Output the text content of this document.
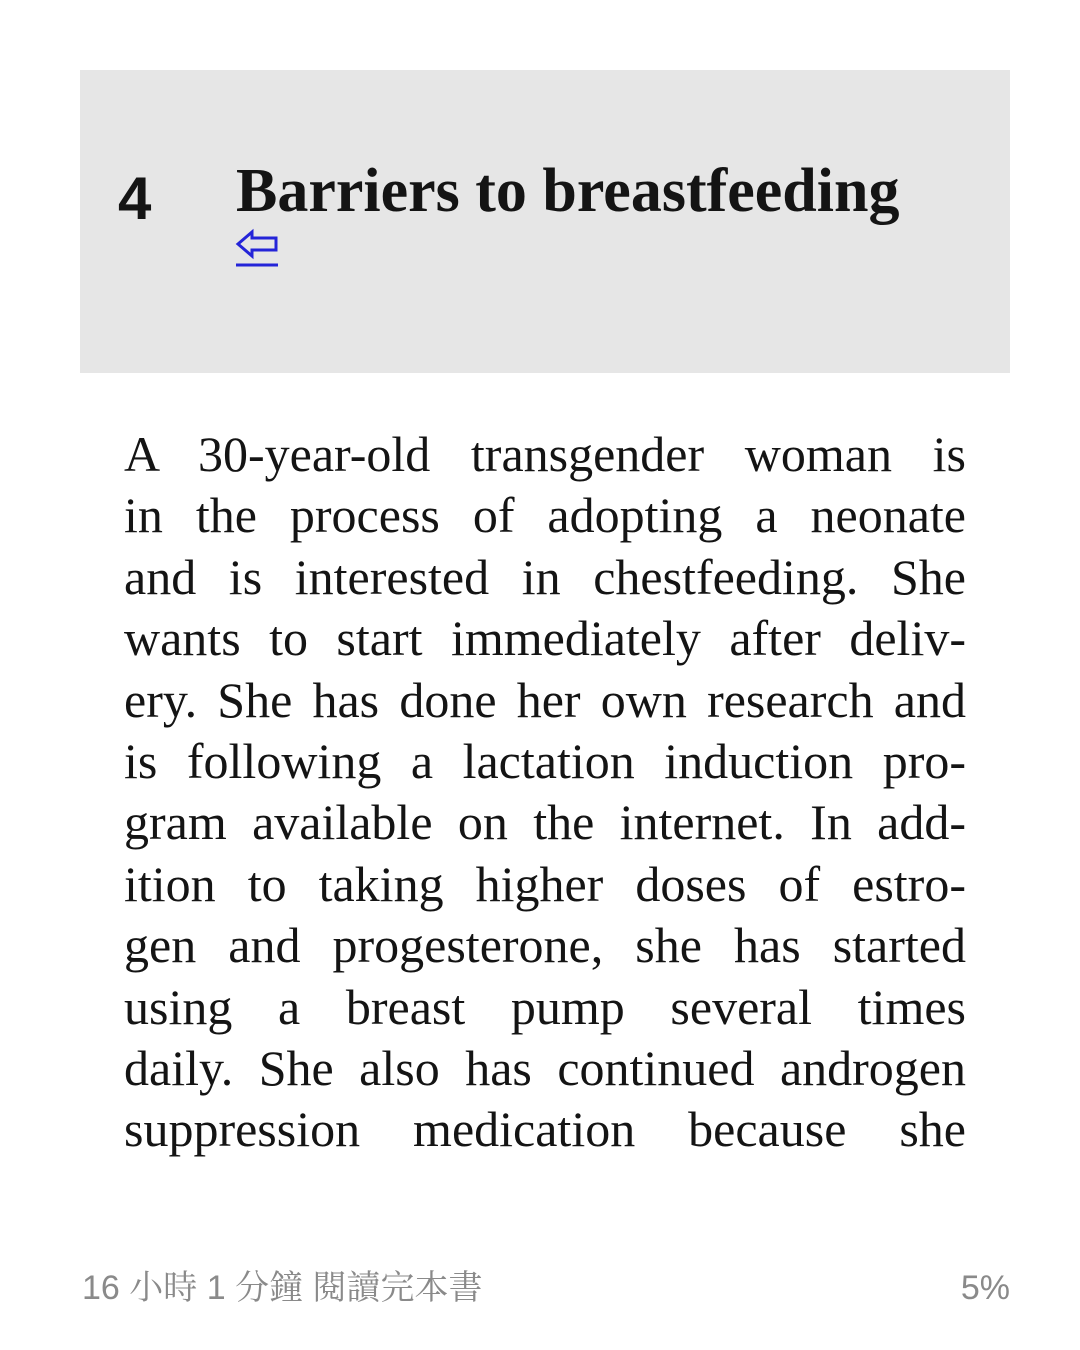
4 Barriers to breastfeeding
A 30-year-old transgender woman is
in the process of adopting a neonate
and is interested in chestfeeding. She
wants to start immediately after deliv-
ery. She has done her own research and
is following a lactation induction pro-
gram available on the internet. In add-
ition to taking higher doses of estro-
gen and progesterone, she has started
using a breast pump several times
daily. She also has continued androgen
suppression medication because she
16 小時 1 分鐘 閱讀完本書	5%
